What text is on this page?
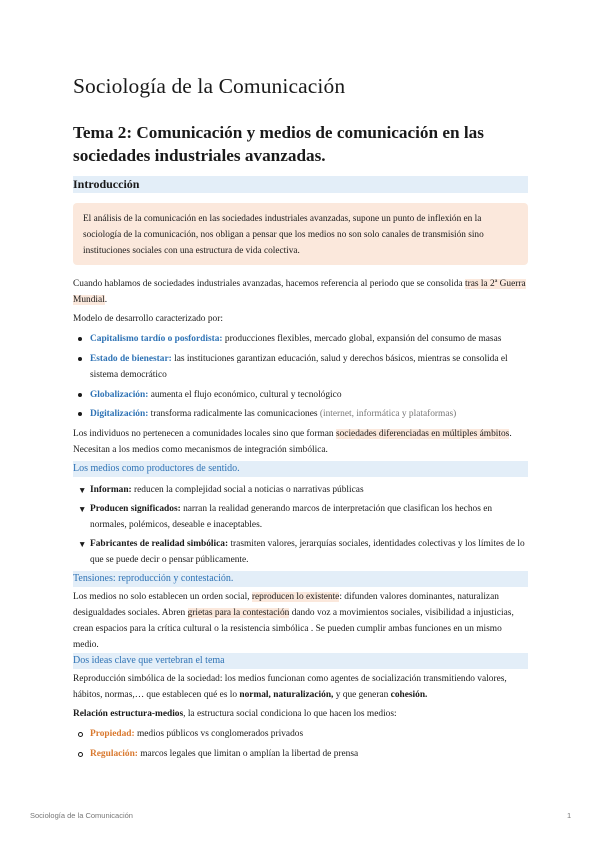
Sociología de la Comunicación
Tema 2: Comunicación y medios de comunicación en las sociedades industriales avanzadas.
Introducción

El análisis de la comunicación en las sociedades industriales avanzadas, supone un punto de inflexión en la sociología de la comunicación, nos obligan a pensar que los medios no son solo canales de transmisión sino instituciones sociales con una estructura de vida colectiva.

Cuando hablamos de sociedades industriales avanzadas, hacemos referencia al periodo que se consolida tras la 2ª Guerra Mundial.

Modelo de desarrollo caracterizado por:

Capitalismo tardío o posfordista: producciones flexibles, mercado global, expansión del consumo de masas
Estado de bienestar: las instituciones garantizan educación, salud y derechos básicos, mientras se consolida el sistema democrático
Globalización: aumenta el flujo económico, cultural y tecnológico
Digitalización: transforma radicalmente las comunicaciones (internet, informática y plataformas)

Los individuos no pertenecen a comunidades locales sino que forman sociedades diferenciadas en múltiples ámbitos. Necesitan a los medios como mecanismos de integración simbólica.

Los medios como productores de sentido.
▼ Informan: reducen la complejidad social a noticias o narrativas públicas
▼ Producen significados: narran la realidad generando marcos de interpretación que clasifican los hechos en normales, polémicos, deseable e inaceptables.
▼ Fabricantes de realidad simbólica: trasmiten valores, jerarquías sociales, identidades colectivas y los límites de lo que se puede decir o pensar públicamente.
Tensiones: reproducción y contestación.

Los medios no solo establecen un orden social, reproducen lo existente: difunden valores dominantes, naturalizan desigualdades sociales. Abren grietas para la contestación dando voz a movimientos sociales, visibilidad a injusticias, crean espacios para la crítica cultural o la resistencia simbólica . Se pueden cumplir ambas funciones en un mismo medio.

Dos ideas clave que vertebran el tema

Reproducción simbólica de la sociedad: los medios funcionan como agentes de socialización transmitiendo valores, hábitos, normas,… que establecen qué es lo normal, naturalización, y que generan cohesión.

Relación estructura-medios, la estructura social condiciona lo que hacen los medios:

Propiedad: medios públicos vs conglomerados privados
Regulación: marcos legales que limitan o amplían la libertad de prensa
Sociología de la Comunicación	1
